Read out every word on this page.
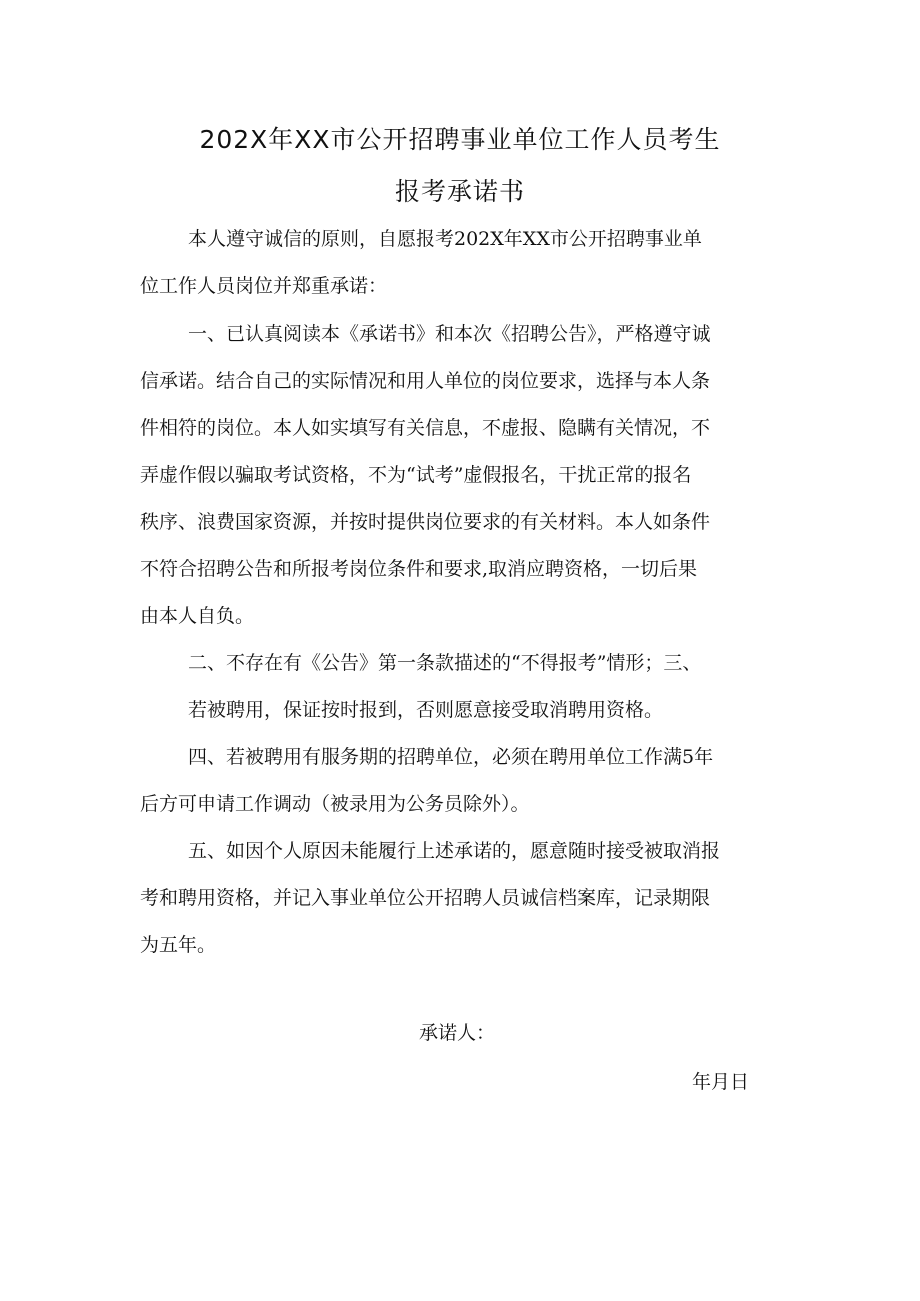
202X年XX市公开招聘事业单位工作人员考生
报考承诺书
本人遵守诚信的原则，自愿报考202X年XX市公开招聘事业单
位工作人员岗位并郑重承诺：
一、已认真阅读本《承诺书》和本次《招聘公告》，严格遵守诚
信承诺。结合自己的实际情况和用人单位的岗位要求，选择与本人条
件相符的岗位。本人如实填写有关信息，不虚报、隐瞒有关情况，不
弄虚作假以骗取考试资格，不为“试考”虚假报名，干扰正常的报名
秩序、浪费国家资源，并按时提供岗位要求的有关材料。本人如条件
不符合招聘公告和所报考岗位条件和要求,取消应聘资格，一切后果
由本人自负。
二、不存在有《公告》第一条款描述的“不得报考”情形；三、
若被聘用，保证按时报到，否则愿意接受取消聘用资格。
四、若被聘用有服务期的招聘单位，必须在聘用单位工作满5年
后方可申请工作调动（被录用为公务员除外）。
五、如因个人原因未能履行上述承诺的，愿意随时接受被取消报
考和聘用资格，并记入事业单位公开招聘人员诚信档案库，记录期限
为五年。
承诺人：
年月日
